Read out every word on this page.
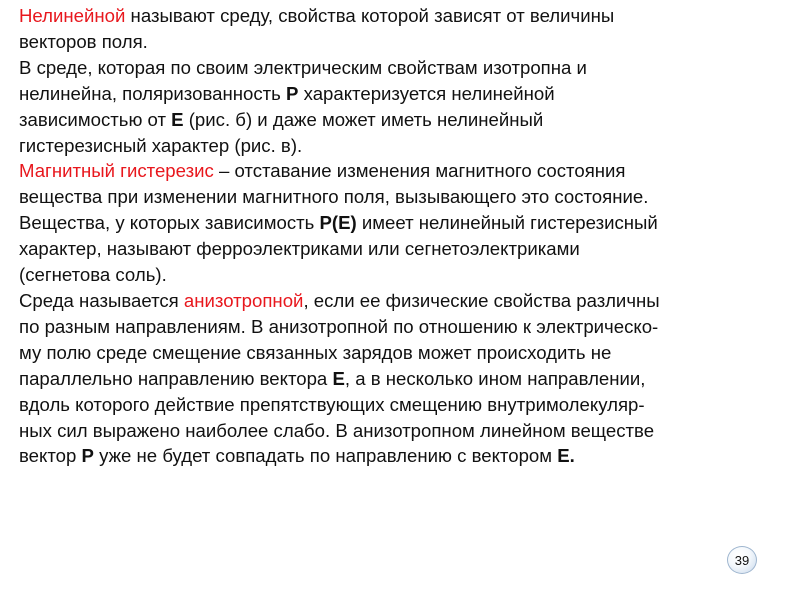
Нелинейной называют среду, свойства которой зависят от величины
векторов поля.
В среде, которая по своим электрическим свойствам изотропна и
нелинейна, поляризованность Р характеризуется нелинейной
зависимостью от Е (рис. б) и даже может иметь нелинейный
гистерезисный характер (рис. в).
Магнитный гистерезис – отставание изменения магнитного состояния
вещества при изменении магнитного поля, вызывающего это состояние.
Вещества, у которых зависимость Р(Е) имеет нелинейный гистерезисный
характер, называют ферроэлектриками или сегнетоэлектриками
(сегнетова соль).
Среда называется анизотропной, если ее физические свойства различны
по разным направлениям. В анизотропной по отношению к электрическо-
му полю среде смещение связанных зарядов может происходить не
параллельно направлению вектора Е, а в несколько ином направлении,
вдоль которого действие препятствующих смещению внутримолекуляр-
ных сил выражено наиболее слабо. В анизотропном линейном веществе
вектор Р уже не будет совпадать по направлению с вектором Е.
39
